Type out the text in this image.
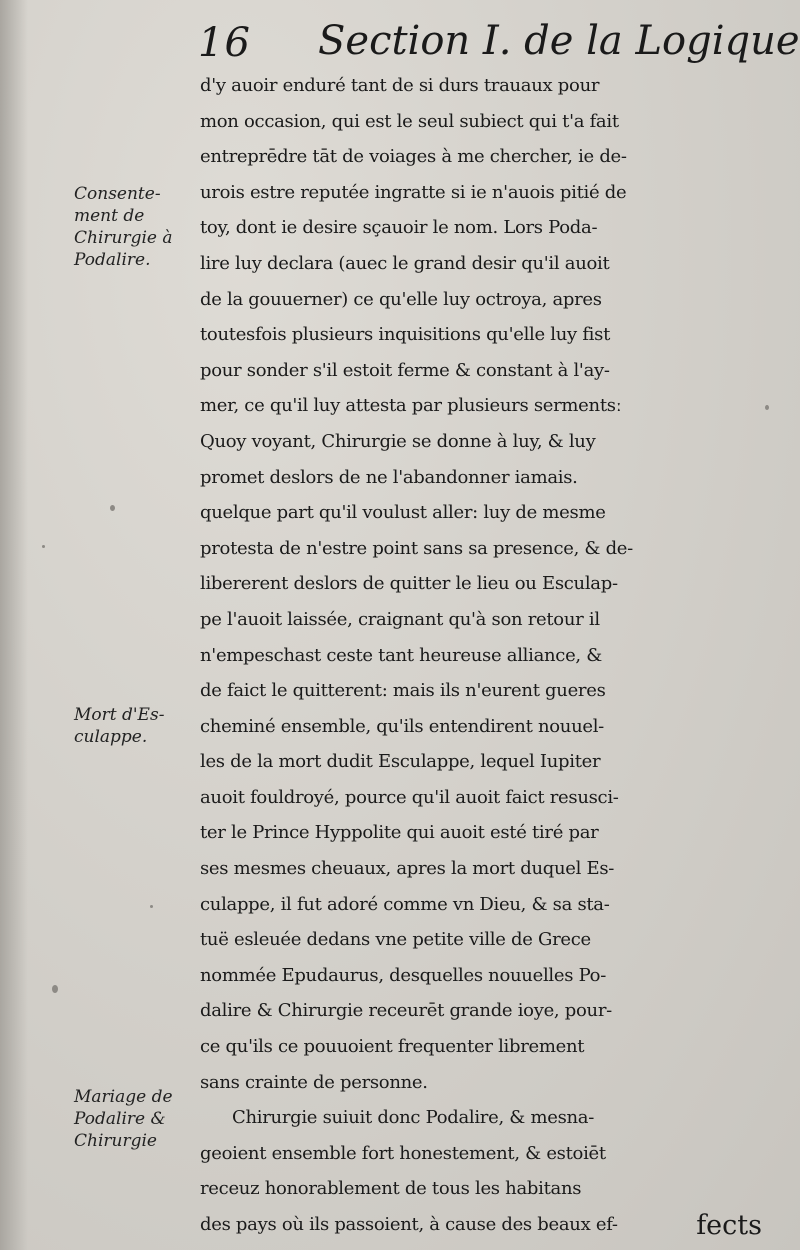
16 Section I. de la Logique
Consente-
ment de
Chirurgie à
Podalire.
Mort d'Es-
culappe.
Mariage de
Podalire &
Chirurgie
d'y auoir enduré tant de si durs trauaux pour
mon occasion, qui est le seul subiect qui t'a fait
entreprēdre tāt de voiages à me chercher, ie de-
urois estre reputée ingratte si ie n'auois pitié de
toy, dont ie desire sçauoir le nom. Lors Poda-
lire luy declara (auec le grand desir qu'il auoit
de la gouuerner) ce qu'elle luy octroya, apres
toutesfois plusieurs inquisitions qu'elle luy fist
pour sonder s'il estoit ferme & constant à l'ay-
mer, ce qu'il luy attesta par plusieurs sermentsː
Quoy voyant, Chirurgie se donne à luy, & luy
promet deslors de ne l'abandonner iamais.
quelque part qu'il voulust aller: luy de mesme
protesta de n'estre point sans sa presence, & de-
libererent deslors de quitter le lieu ou Esculap-
pe l'auoit laissée, craignant qu'à son retour il
n'empeschast ceste tant heureuse alliance, &
de faict le quitterent: mais ils n'eurent gueres
cheminé ensemble, qu'ils entendirent nouuel-
les de la mort dudit Esculappe, lequel Iupiter
auoit fouldroyé, pource qu'il auoit faict resusci-
ter le Prince Hyppolite qui auoit esté tiré par
ses mesmes cheuaux, apres la mort duquel Es-
culappe, il fut adoré comme vn Dieu, & sa sta-
tuë esleuée dedans vne petite ville de Grece
nommée Epudaurus, desquelles nouuelles Po-
dalire & Chirurgie receurēt grande ioye, pour-
ce qu'ils ce pouuoient frequenter librement
sans crainte de personne.
Chirurgie suiuit donc Podalire, & mesna-
geoient ensemble fort honestement, & estoiēt
receuz honorablement de tous les habitans
des pays où ils passoient, à cause des beaux ef-	fects
